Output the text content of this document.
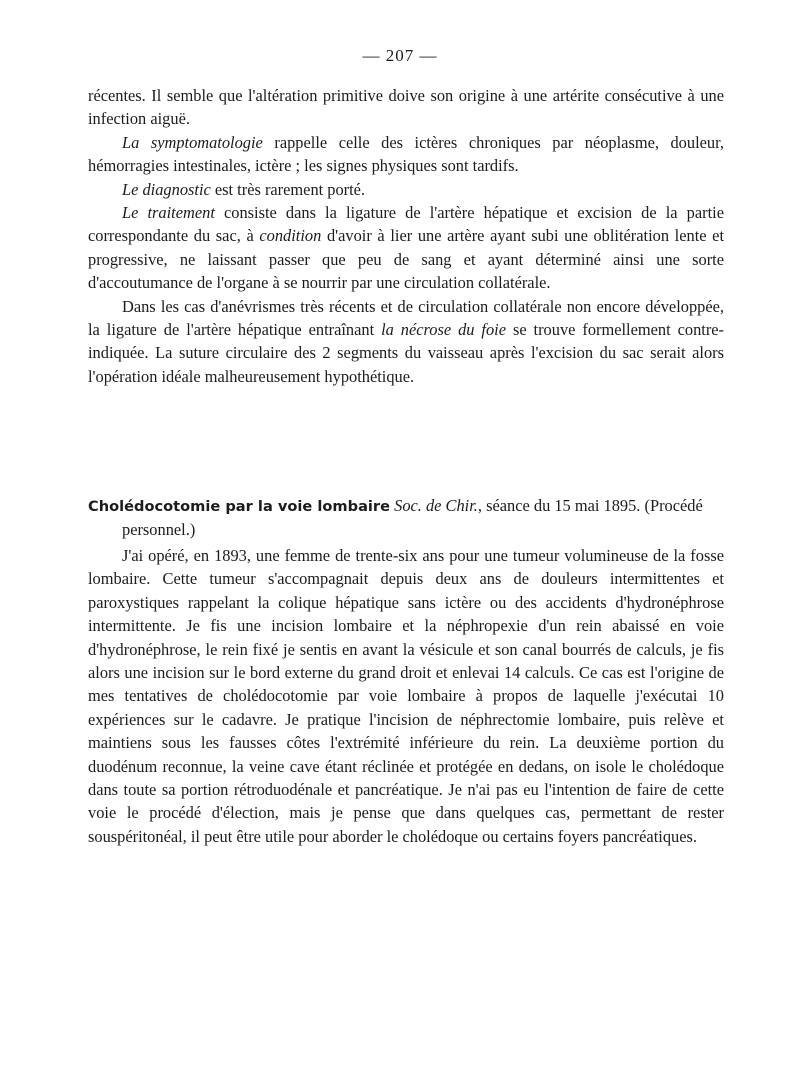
— 207 —

récentes. Il semble que l'altération primitive doive son origine à une artérite consécutive à une infection aiguë.

La symptomatologie rappelle celle des ictères chroniques par néoplasme, douleur, hémorragies intestinales, ictère ; les signes physiques sont tardifs.

Le diagnostic est très rarement porté.

Le traitement consiste dans la ligature de l'artère hépatique et excision de la partie correspondante du sac, à condition d'avoir à lier une artère ayant subi une oblitération lente et progressive, ne laissant passer que peu de sang et ayant déterminé ainsi une sorte d'accoutumance de l'organe à se nourrir par une circulation collatérale.

Dans les cas d'anévrismes très récents et de circulation collatérale non encore développée, la ligature de l'artère hépatique entraînant la nécrose du foie se trouve formellement contre-indiquée. La suture circulaire des 2 segments du vaisseau après l'excision du sac serait alors l'opération idéale malheureusement hypothétique.

Cholédocotomie par la voie lombaire Soc. de Chir., séance du 15 mai 1895. (Procédé personnel.)

J'ai opéré, en 1893, une femme de trente-six ans pour une tumeur volumineuse de la fosse lombaire. Cette tumeur s'accompagnait depuis deux ans de douleurs intermittentes et paroxystiques rappelant la colique hépatique sans ictère ou des accidents d'hydronéphrose intermittente. Je fis une incision lombaire et la néphropexie d'un rein abaissé en voie d'hydronéphrose, le rein fixé je sentis en avant la vésicule et son canal bourrés de calculs, je fis alors une incision sur le bord externe du grand droit et enlevai 14 calculs. Ce cas est l'origine de mes tentatives de cholédocotomie par voie lombaire à propos de laquelle j'exécutai 10 expériences sur le cadavre. Je pratique l'incision de néphrectomie lombaire, puis relève et maintiens sous les fausses côtes l'extrémité inférieure du rein. La deuxième portion du duodénum reconnue, la veine cave étant réclinée et protégée en dedans, on isole le cholédoque dans toute sa portion rétroduodénale et pancréatique. Je n'ai pas eu l'intention de faire de cette voie le procédé d'élection, mais je pense que dans quelques cas, permettant de rester souspéritonéal, il peut être utile pour aborder le cholédoque ou certains foyers pancréatiques.
